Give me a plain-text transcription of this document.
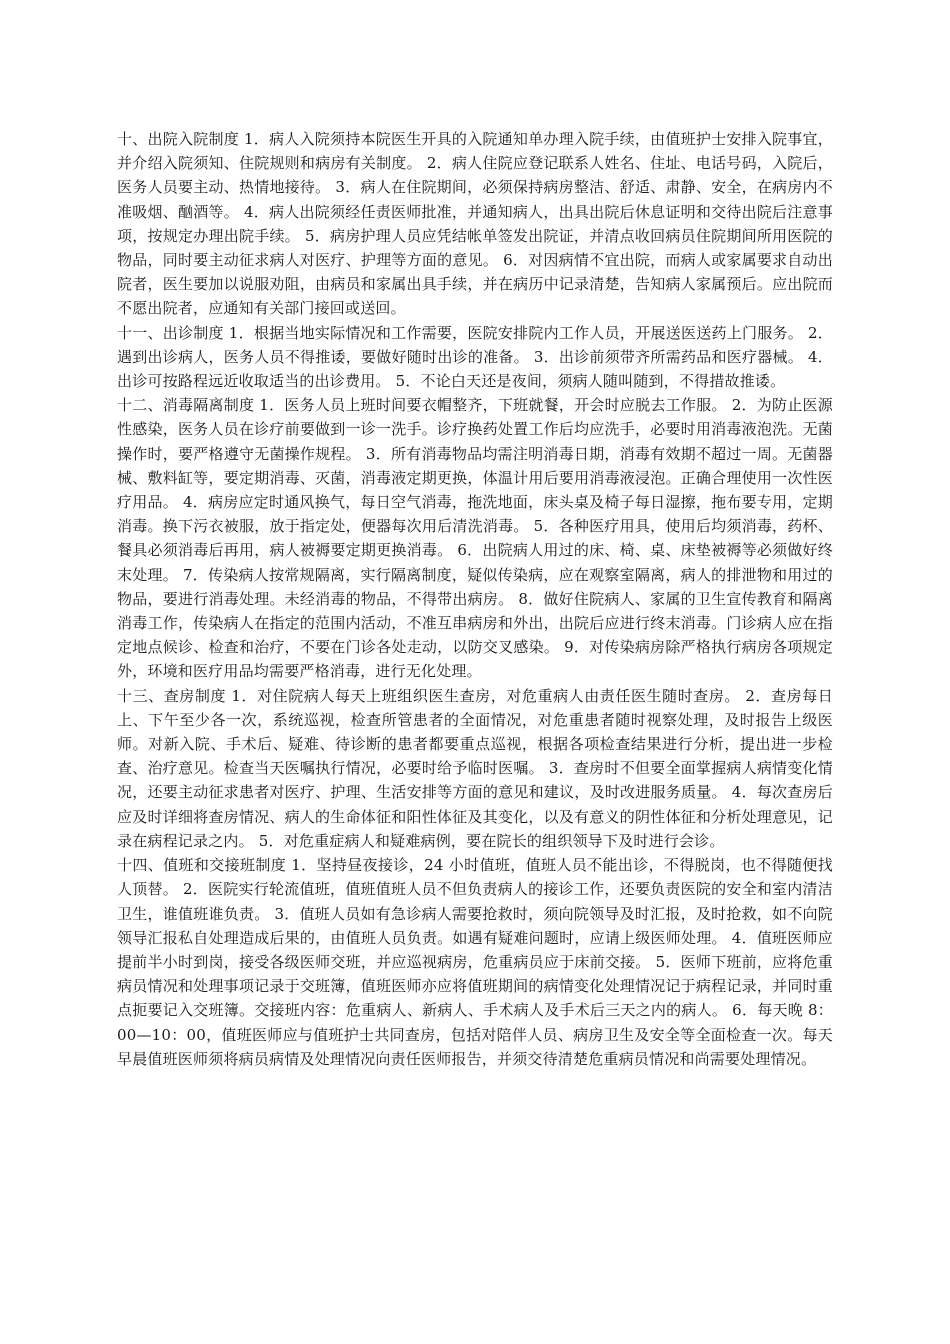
十、出院入院制度 1．病人入院须持本院医生开具的入院通知单办理入院手续，由值班护士安排入院事宜，并介绍入院须知、住院规则和病房有关制度。 2．病人住院应登记联系人姓名、住址、电话号码，入院后，医务人员要主动、热情地接待。 3．病人在住院期间，必须保持病房整洁、舒适、肃静、安全，在病房内不准吸烟、酗酒等。 4．病人出院须经任责医师批准，并通知病人，出具出院后休息证明和交待出院后注意事项，按规定办理出院手续。 5．病房护理人员应凭结帐单签发出院证，并清点收回病员住院期间所用医院的物品，同时要主动征求病人对医疗、护理等方面的意见。 6．对因病情不宜出院，而病人或家属要求自动出院者，医生要加以说服劝阻，由病员和家属出具手续，并在病历中记录清楚，告知病人家属预后。应出院而不愿出院者，应通知有关部门接回或送回。

十一、出诊制度 1．根据当地实际情况和工作需要，医院安排院内工作人员，开展送医送药上门服务。 2．遇到出诊病人，医务人员不得推诿，要做好随时出诊的准备。 3．出诊前须带齐所需药品和医疗器械。 4．出诊可按路程远近收取适当的出诊费用。 5．不论白天还是夜间，须病人随叫随到，不得措故推诿。

十二、消毒隔离制度 1．医务人员上班时间要衣帽整齐，下班就餐，开会时应脱去工作服。 2．为防止医源性感染，医务人员在诊疗前要做到一诊一洗手。诊疗换药处置工作后均应洗手，必要时用消毒液泡洗。无菌操作时，要严格遵守无菌操作规程。 3．所有消毒物品均需注明消毒日期，消毒有效期不超过一周。无菌器械、敷料缸等，要定期消毒、灭菌，消毒液定期更换，体温计用后要用消毒液浸泡。正确合理使用一次性医疗用品。 4．病房应定时通风换气，每日空气消毒，拖洗地面，床头桌及椅子每日湿擦，拖布要专用，定期消毒。换下污衣被服，放于指定处，便器每次用后清洗消毒。 5．各种医疗用具，使用后均须消毒，药杯、餐具必须消毒后再用，病人被褥要定期更换消毒。 6．出院病人用过的床、椅、桌、床垫被褥等必须做好终末处理。 7．传染病人按常规隔离，实行隔离制度，疑似传染病，应在观察室隔离，病人的排泄物和用过的物品，要进行消毒处理。未经消毒的物品，不得带出病房。 8．做好住院病人、家属的卫生宣传教育和隔离消毒工作，传染病人在指定的范围内活动，不准互串病房和外出，出院后应进行终末消毒。门诊病人应在指定地点候诊、检查和治疗，不要在门诊各处走动，以防交叉感染。 9．对传染病房除严格执行病房各项规定外，环境和医疗用品均需要严格消毒，进行无化处理。

十三、查房制度 1．对住院病人每天上班组织医生查房，对危重病人由责任医生随时查房。 2．查房每日上、下午至少各一次，系统巡视，检查所管患者的全面情况，对危重患者随时视察处理，及时报告上级医师。对新入院、手术后、疑难、待诊断的患者都要重点巡视，根据各项检查结果进行分析，提出进一步检查、治疗意见。检查当天医嘱执行情况，必要时给予临时医嘱。 3．查房时不但要全面掌握病人病情变化情况，还要主动征求患者对医疗、护理、生活安排等方面的意见和建议，及时改进服务质量。 4．每次查房后应及时详细将查房情况、病人的生命体征和阳性体征及其变化，以及有意义的阴性体征和分析处理意见，记录在病程记录之内。 5．对危重症病人和疑难病例，要在院长的组织领导下及时进行会诊。

十四、值班和交接班制度 1．坚持昼夜接诊，24 小时值班，值班人员不能出诊，不得脱岗，也不得随便找人顶替。 2．医院实行轮流值班，值班值班人员不但负责病人的接诊工作，还要负责医院的安全和室内清洁卫生，谁值班谁负责。 3．值班人员如有急诊病人需要抢救时，须向院领导及时汇报，及时抢救，如不向院领导汇报私自处理造成后果的，由值班人员负责。如遇有疑难问题时，应请上级医师处理。 4．值班医师应提前半小时到岗，接受各级医师交班，并应巡视病房，危重病员应于床前交接。 5．医师下班前，应将危重病员情况和处理事项记录于交班簿，值班医师亦应将值班期间的病情变化处理情况记于病程记录，并同时重点扼要记入交班簿。交接班内容：危重病人、新病人、手术病人及手术后三天之内的病人。 6．每天晚 8：00—10：00，值班医师应与值班护士共同查房，包括对陪伴人员、病房卫生及安全等全面检查一次。每天早晨值班医师须将病员病情及处理情况向责任医师报告，并须交待清楚危重病员情况和尚需要处理情况。
